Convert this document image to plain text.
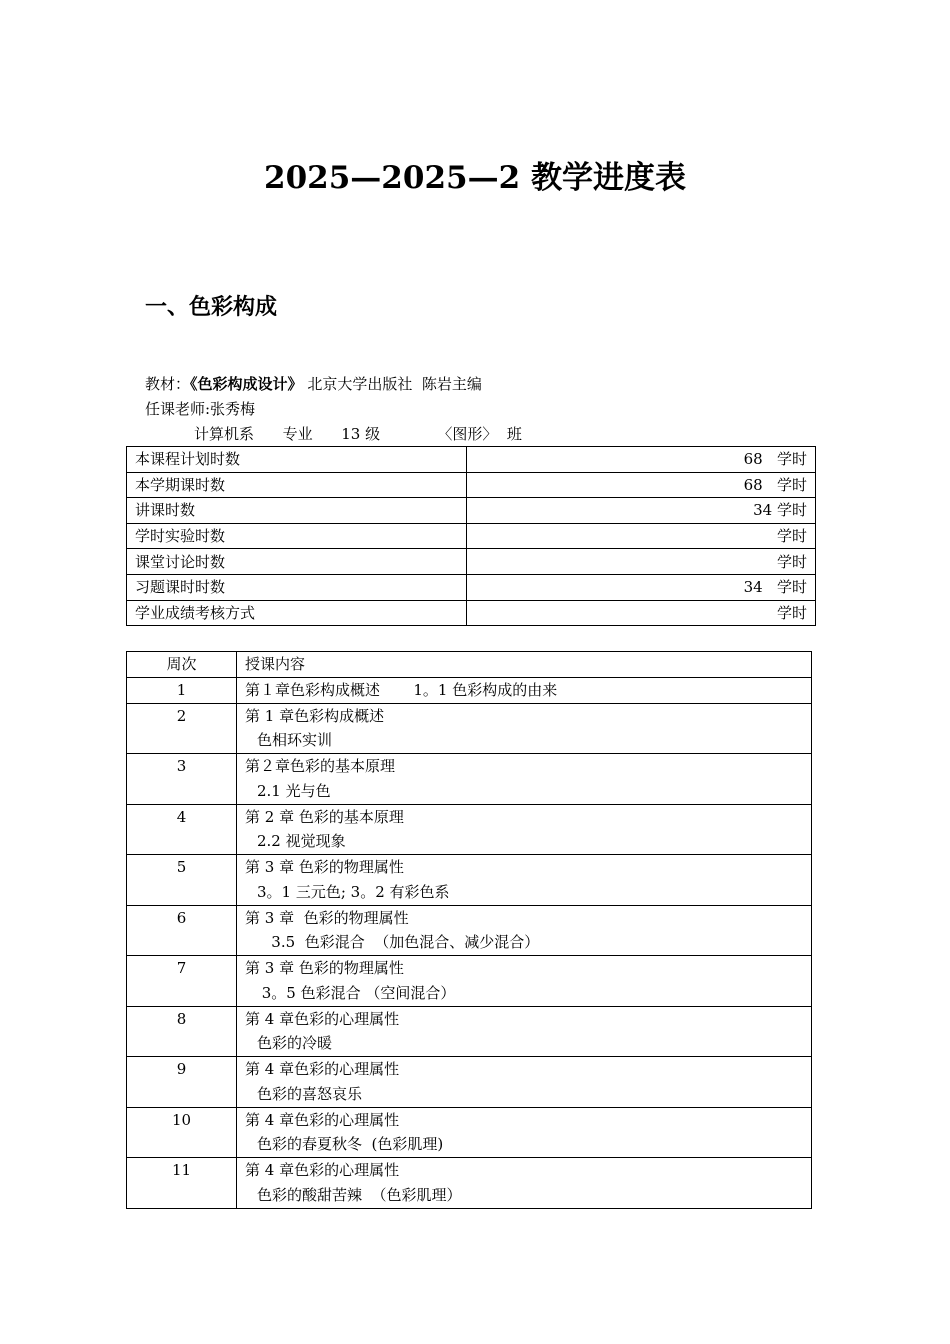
2025—2025—2 教学进度表
一、色彩构成
教材：《色彩构成设计》 北京大学出版社 陈岩主编
任课老师:张秀梅
计算机系 专业 13 级	〈图形〉 班
本课程计划时数	68   学时
本学期课时数	68   学时
讲课时数	34 学时
学时实验时数	学时
课堂讨论时数	学时
习题课时时数	34   学时
学业成绩考核方式	学时
周次	授课内容
1	第１章色彩构成概述       1。1 色彩构成的由来

2	第 1 章色彩构成概述
色相环实训

3	第２章色彩的基本原理
2.1 光与色

4	第 2 章 色彩的基本原理
2.2 视觉现象

5	第 3 章 色彩的物理属性
3。1 三元色; 3。2 有彩色系

6	第 3 章  色彩的物理属性
3.5  色彩混合  （加色混合、减少混合）

7	第 3 章 色彩的物理属性
3。5 色彩混合 （空间混合）

8	第 4 章色彩的心理属性
色彩的冷暖

9	第 4 章色彩的心理属性
色彩的喜怒哀乐

10	第 4 章色彩的心理属性
色彩的春夏秋冬  (色彩肌理)

11	第 4 章色彩的心理属性
色彩的酸甜苦辣  （色彩肌理）
